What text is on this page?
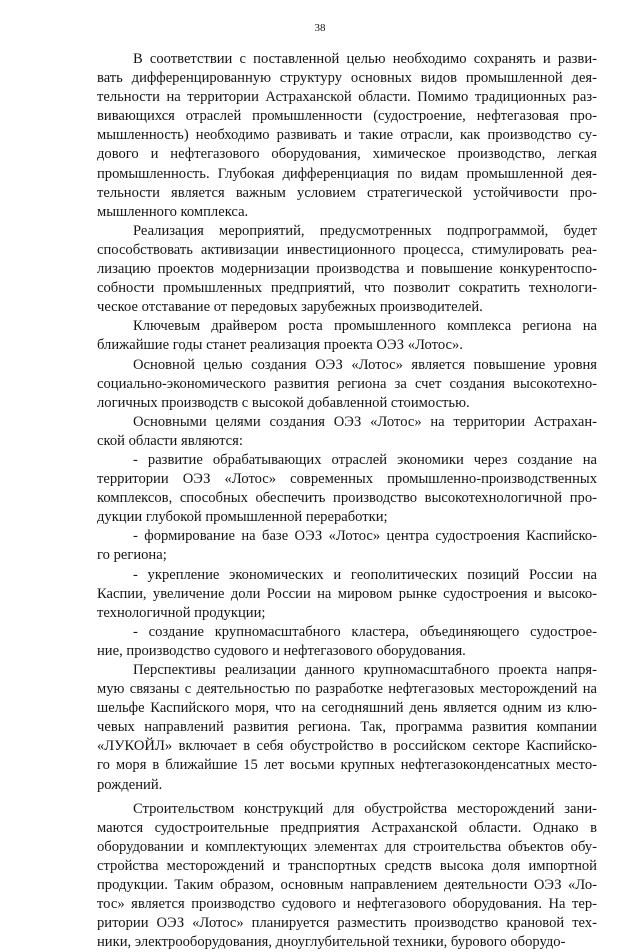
38
В соответствии с поставленной целью необходимо сохранять и разви-
вать дифференцированную структуру основных видов промышленной дея-
тельности на территории Астраханской области. Помимо традиционных раз-
вивающихся отраслей промышленности (судостроение, нефтегазовая про-
мышленность) необходимо развивать и такие отрасли, как производство су-
дового и нефтегазового оборудования, химическое производство, легкая
промышленность. Глубокая дифференциация по видам промышленной дея-
тельности является важным условием стратегической устойчивости про-
мышленного комплекса.
Реализация мероприятий, предусмотренных подпрограммой, будет
способствовать активизации инвестиционного процесса, стимулировать реа-
лизацию проектов модернизации производства и повышение конкурентоспо-
собности промышленных предприятий, что позволит сократить технологи-
ческое отставание от передовых зарубежных производителей.
Ключевым драйвером роста промышленного комплекса региона на
ближайшие годы станет реализация проекта ОЭЗ «Лотос».
Основной целью создания ОЭЗ «Лотос» является повышение уровня
социально-экономического развития региона за счет создания высокотехно-
логичных производств с высокой добавленной стоимостью.
Основными целями создания ОЭЗ «Лотос» на территории Астрахан-
ской области являются:
- развитие обрабатывающих отраслей экономики через создание на
территории ОЭЗ «Лотос» современных промышленно-производственных
комплексов, способных обеспечить производство высокотехнологичной про-
дукции глубокой промышленной переработки;
- формирование на базе ОЭЗ «Лотос» центра судостроения Каспийско-
го региона;
- укрепление экономических и геополитических позиций России на
Каспии, увеличение доли России на мировом рынке судостроения и высоко-
технологичной продукции;
- создание крупномасштабного кластера, объединяющего судострое-
ние, производство судового и нефтегазового оборудования.
Перспективы реализации данного крупномасштабного проекта напря-
мую связаны с деятельностью по разработке нефтегазовых месторождений на
шельфе Каспийского моря, что на сегодняшний день является одним из клю-
чевых направлений развития региона. Так, программа развития компании
«ЛУКОЙЛ» включает в себя обустройство в российском секторе Каспийско-
го моря в ближайшие 15 лет восьми крупных нефтегазоконденсатных место-
рождений.
Строительством конструкций для обустройства месторождений зани-
маются судостроительные предприятия Астраханской области. Однако в
оборудовании и комплектующих элементах для строительства объектов обу-
стройства месторождений и транспортных средств высока доля импортной
продукции. Таким образом, основным направлением деятельности ОЭЗ «Ло-
тос» является производство судового и нефтегазового оборудования. На тер-
ритории ОЭЗ «Лотос» планируется разместить производство крановой тех-
ники, электрооборудования, дноуглубительной техники, бурового оборудо-
